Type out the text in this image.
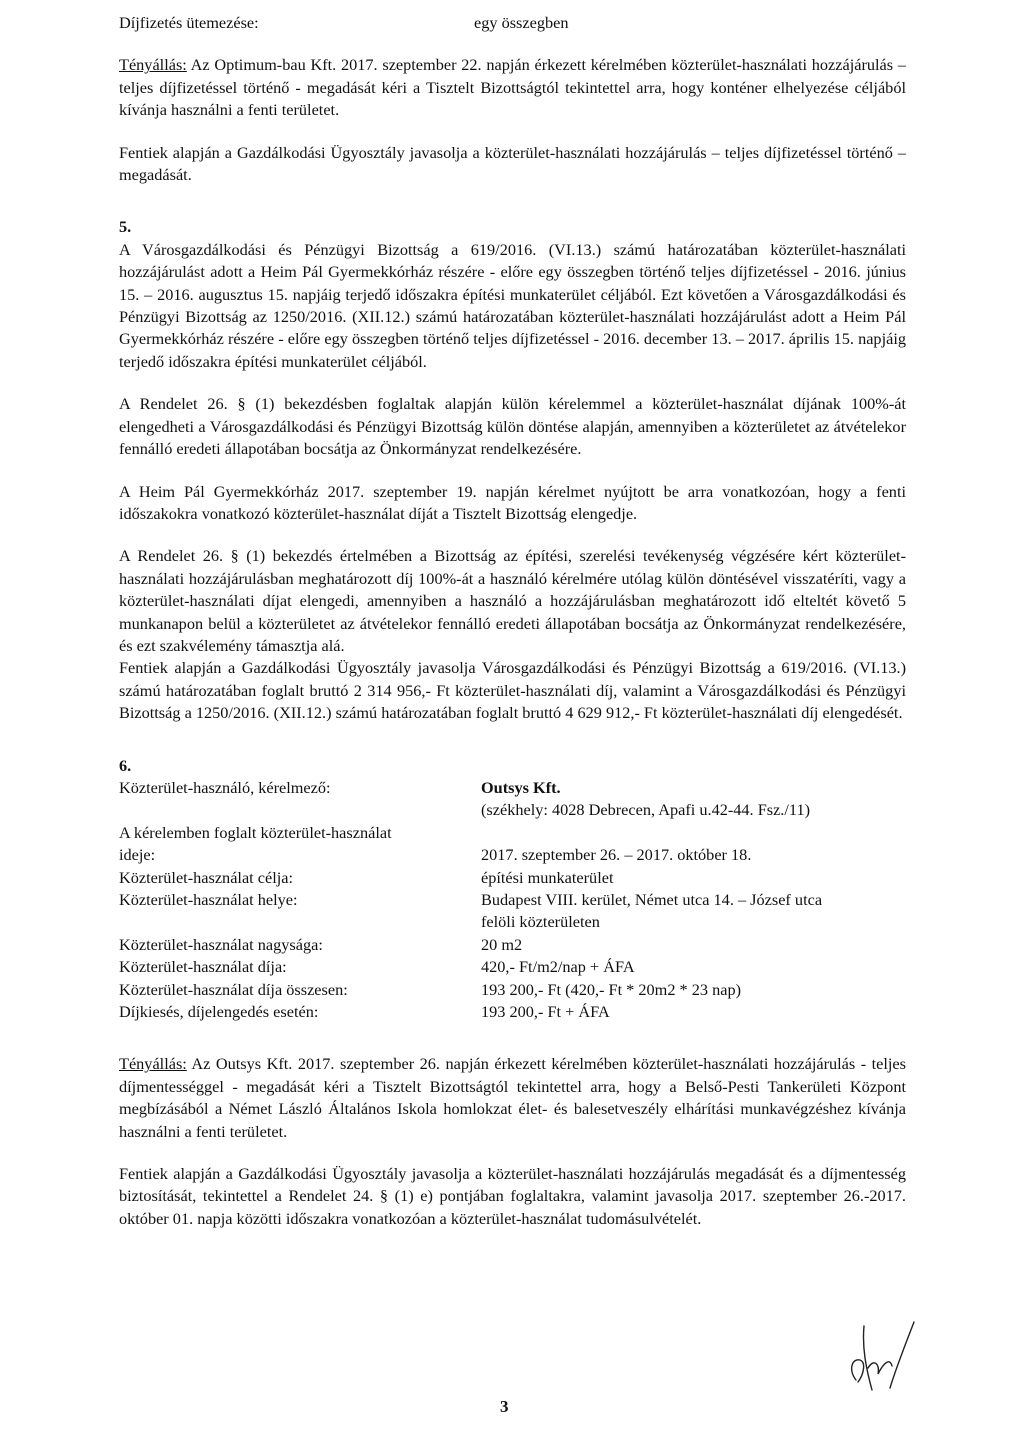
Díjfizetés ütemezése:	egy összegben

Tényállás: Az Optimum-bau Kft. 2017. szeptember 22. napján érkezett kérelmében közterület-használati hozzájárulás – teljes díjfizetéssel történő - megadását kéri a Tisztelt Bizottságtól tekintettel arra, hogy konténer elhelyezése céljából kívánja használni a fenti területet.

Fentiek alapján a Gazdálkodási Ügyosztály javasolja a közterület-használati hozzájárulás – teljes díjfizetéssel történő – megadását.

5.

A Városgazdálkodási és Pénzügyi Bizottság a 619/2016. (VI.13.) számú határozatában közterület-használati hozzájárulást adott a Heim Pál Gyermekkórház részére - előre egy összegben történő teljes díjfizetéssel - 2016. június 15. – 2016. augusztus 15. napjáig terjedő időszakra építési munkaterület céljából. Ezt követően a Városgazdálkodási és Pénzügyi Bizottság az 1250/2016. (XII.12.) számú határozatában közterület-használati hozzájárulást adott a Heim Pál Gyermekkórház részére - előre egy összegben történő teljes díjfizetéssel - 2016. december 13. – 2017. április 15. napjáig terjedő időszakra építési munkaterület céljából.

A Rendelet 26. § (1) bekezdésben foglaltak alapján külön kérelemmel a közterület-használat díjának 100%-át elengedheti a Városgazdálkodási és Pénzügyi Bizottság külön döntése alapján, amennyiben a közterületet az átvételekor fennálló eredeti állapotában bocsátja az Önkormányzat rendelkezésére.

A Heim Pál Gyermekkórház 2017. szeptember 19. napján kérelmet nyújtott be arra vonatkozóan, hogy a fenti időszakokra vonatkozó közterület-használat díját a Tisztelt Bizottság elengedje.

A Rendelet 26. § (1) bekezdés értelmében a Bizottság az építési, szerelési tevékenység végzésére kért közterület-használati hozzájárulásban meghatározott díj 100%-át a használó kérelmére utólag külön döntésével visszatéríti, vagy a közterület-használati díjat elengedi, amennyiben a használó a hozzájárulásban meghatározott idő elteltét követő 5 munkanapon belül a közterületet az átvételekor fennálló eredeti állapotában bocsátja az Önkormányzat rendelkezésére, és ezt szakvélemény támasztja alá.

Fentiek alapján a Gazdálkodási Ügyosztály javasolja Városgazdálkodási és Pénzügyi Bizottság a 619/2016. (VI.13.) számú határozatában foglalt bruttó 2 314 956,- Ft közterület-használati díj, valamint a Városgazdálkodási és Pénzügyi Bizottság a 1250/2016. (XII.12.) számú határozatában foglalt bruttó 4 629 912,- Ft közterület-használati díj elengedését.

6.
Közterület-használó, kérelmező:	Outsys Kft.
(székhely: 4028 Debrecen, Apafi u.42-44. Fsz./11)
A kérelemben foglalt közterület-használat
ideje:	2017. szeptember 26. – 2017. október 18.
Közterület-használat célja:	építési munkaterület
Közterület-használat helye:	Budapest VIII. kerület, Német utca 14. – József utca
felöli közterületen
Közterület-használat nagysága:	20 m2
Közterület-használat díja:	420,- Ft/m2/nap + ÁFA
Közterület-használat díja összesen:	193 200,- Ft (420,- Ft * 20m2 * 23 nap)
Díjkiesés, díjelengedés esetén:	193 200,- Ft + ÁFA

Tényállás: Az Outsys Kft. 2017. szeptember 26. napján érkezett kérelmében közterület-használati hozzájárulás - teljes díjmentességgel - megadását kéri a Tisztelt Bizottságtól tekintettel arra, hogy a Belső-Pesti Tankerületi Központ megbízásából a Német László Általános Iskola homlokzat élet- és balesetveszély elhárítási munkavégzéshez kívánja használni a fenti területet.

Fentiek alapján a Gazdálkodási Ügyosztály javasolja a közterület-használati hozzájárulás megadását és a díjmentesség biztosítását, tekintettel a Rendelet 24. § (1) e) pontjában foglaltakra, valamint javasolja 2017. szeptember 26.-2017. október 01. napja közötti időszakra vonatkozóan a közterület-használat tudomásulvételét.

3
